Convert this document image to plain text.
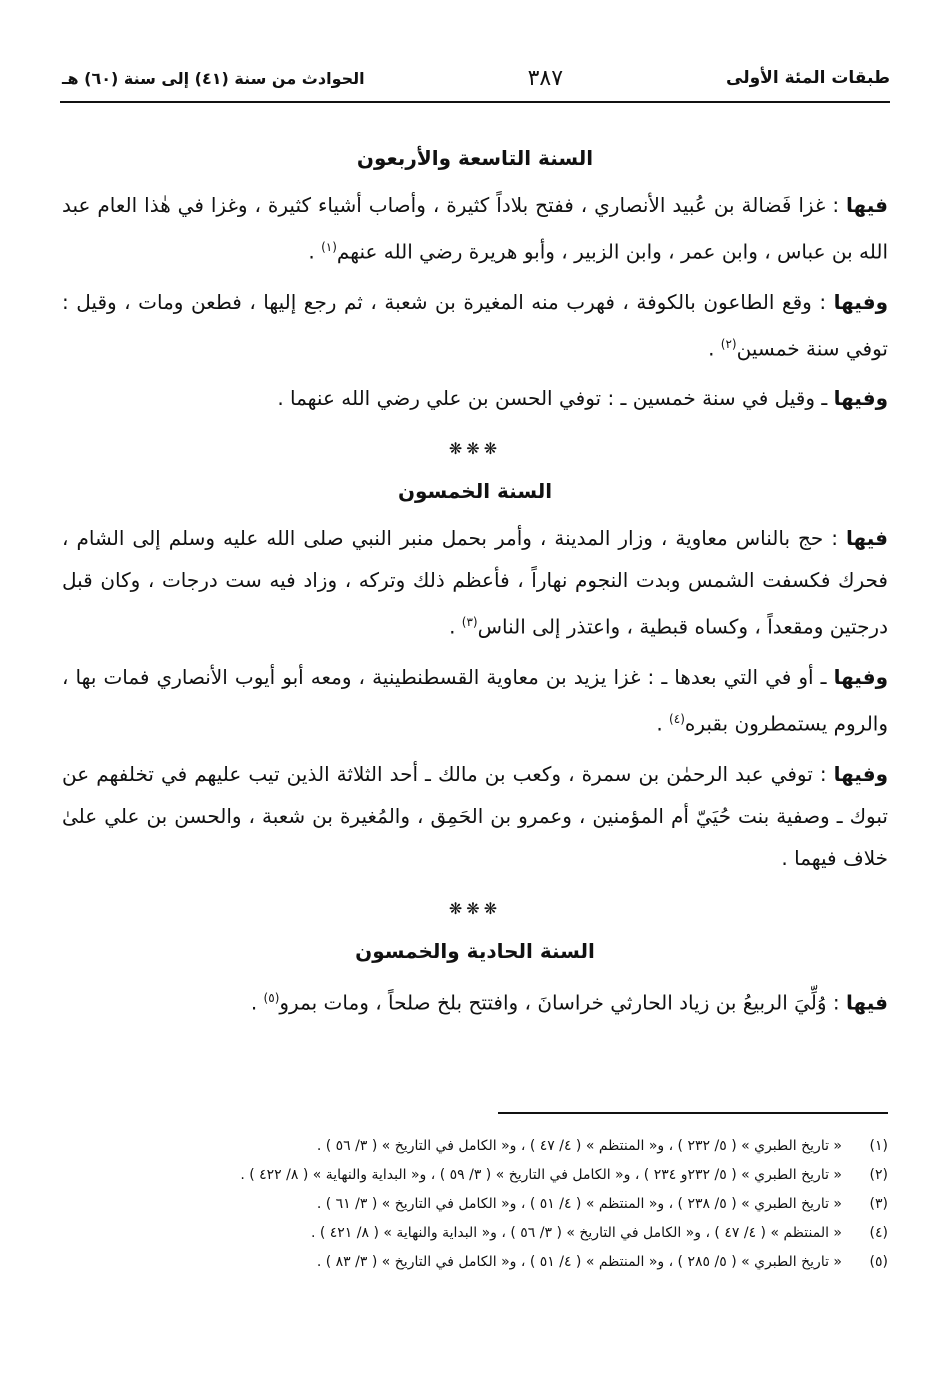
طبقات المئة الأولى
٣٨٧
الحوادث من سنة (٤١) إلى سنة (٦٠) هـ
السنة التاسعة والأربعون

فيها : غزا فَضالة بن عُبيد الأنصاري ، ففتح بلاداً كثيرة ، وأصاب أشياء كثيرة ، وغزا في هٰذا العام عبد الله بن عباس ، وابن عمر ، وابن الزبير ، وأبو هريرة رضي الله عنهم$^{(١)}$ .

وفيها : وقع الطاعون بالكوفة ، فهرب منه المغيرة بن شعبة ، ثم رجع إليها ، فطعن ومات ، وقيل : توفي سنة خمسين$^{(٢)}$ .

وفيها ـ وقيل في سنة خمسين ـ : توفي الحسن بن علي رضي الله عنهما .

❋❋❋
السنة الخمسون

فيها : حج بالناس معاوية ، وزار المدينة ، وأمر بحمل منبر النبي صلى الله عليه وسلم إلى الشام ، فحرك فكسفت الشمس وبدت النجوم نهاراً ، فأعظم ذلك وتركه ، وزاد فيه ست درجات ، وكان قبل درجتين ومقعداً ، وكساه قبطية ، واعتذر إلى الناس$^{(٣)}$ .

وفيها ـ أو في التي بعدها ـ : غزا يزيد بن معاوية القسطنطينية ، ومعه أبو أيوب الأنصاري فمات بها ، والروم يستمطرون بقبره$^{(٤)}$ .

وفيها : توفي عبد الرحمٰن بن سمرة ، وكعب بن مالك ـ أحد الثلاثة الذين تيب عليهم في تخلفهم عن تبوك ـ وصفية بنت حُيَيّ أم المؤمنين ، وعمرو بن الحَمِق ، والمُغيرة بن شعبة ، والحسن بن علي علىٰ خلاف فيهما .

❋❋❋
السنة الحادية والخمسون

فيها : وُلِّيَ الربيعُ بن زياد الحارثي خراسانَ ، وافتتح بلخ صلحاً ، ومات بمرو$^{(٥)}$ .

(١)
« تاريخ الطبري » ( ٥/ ٢٣٢ ) ، و« المنتظم » ( ٤/ ٤٧ ) ، و« الكامل في التاريخ » ( ٣/ ٥٦ ) .
(٢)
« تاريخ الطبري » ( ٥/ ٢٣٢و ٢٣٤ ) ، و« الكامل في التاريخ » ( ٣/ ٥٩ ) ، و« البداية والنهاية » ( ٨/ ٤٢٢ ) .
(٣)
« تاريخ الطبري » ( ٥/ ٢٣٨ ) ، و« المنتظم » ( ٤/ ٥١ ) ، و« الكامل في التاريخ » ( ٣/ ٦١ ) .
(٤)
« المنتظم » ( ٤/ ٤٧ ) ، و« الكامل في التاريخ » ( ٣/ ٥٦ ) ، و« البداية والنهاية » ( ٨/ ٤٢١ ) .
(٥)
« تاريخ الطبري » ( ٥/ ٢٨٥ ) ، و« المنتظم » ( ٤/ ٥١ ) ، و« الكامل في التاريخ » ( ٣/ ٨٣ ) .
